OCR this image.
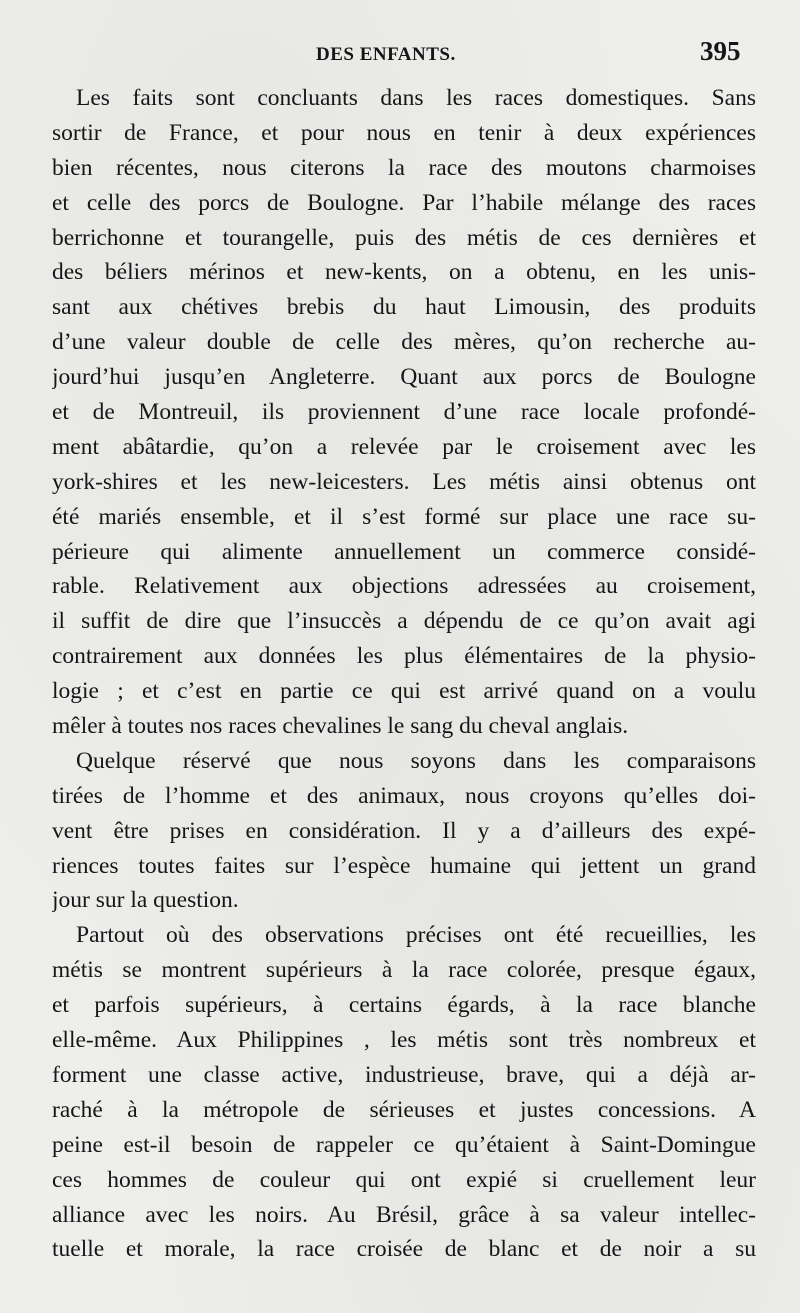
DES ENFANTS.	395
Les faits sont concluants dans les races domestiques. Sans
sortir de France, et pour nous en tenir à deux expériences
bien récentes, nous citerons la race des moutons charmoises
et celle des porcs de Boulogne. Par l’habile mélange des races
berrichonne et tourangelle, puis des métis de ces dernières et
des béliers mérinos et new-kents, on a obtenu, en les unis-
sant aux chétives brebis du haut Limousin, des produits
d’une valeur double de celle des mères, qu’on recherche au-
jourd’hui jusqu’en Angleterre. Quant aux porcs de Boulogne
et de Montreuil, ils proviennent d’une race locale profondé-
ment abâtardie, qu’on a relevée par le croisement avec les
york-shires et les new-leicesters. Les métis ainsi obtenus ont
été mariés ensemble, et il s’est formé sur place une race su-
périeure qui alimente annuellement un commerce considé-
rable. Relativement aux objections adressées au croisement,
il suffit de dire que l’insuccès a dépendu de ce qu’on avait agi
contrairement aux données les plus élémentaires de la physio-
logie ; et c’est en partie ce qui est arrivé quand on a voulu
mêler à toutes nos races chevalines le sang du cheval anglais.
Quelque réservé que nous soyons dans les comparaisons
tirées de l’homme et des animaux, nous croyons qu’elles doi-
vent être prises en considération. Il y a d’ailleurs des expé-
riences toutes faites sur l’espèce humaine qui jettent un grand
jour sur la question.
Partout où des observations précises ont été recueillies, les
métis se montrent supérieurs à la race colorée, presque égaux,
et parfois supérieurs, à certains égards, à la race blanche
elle-même. Aux Philippines , les métis sont très nombreux et
forment une classe active, industrieuse, brave, qui a déjà ar-
raché à la métropole de sérieuses et justes concessions. A
peine est-il besoin de rappeler ce qu’étaient à Saint-Domingue
ces hommes de couleur qui ont expié si cruellement leur
alliance avec les noirs. Au Brésil, grâce à sa valeur intellec-
tuelle et morale, la race croisée de blanc et de noir a su
